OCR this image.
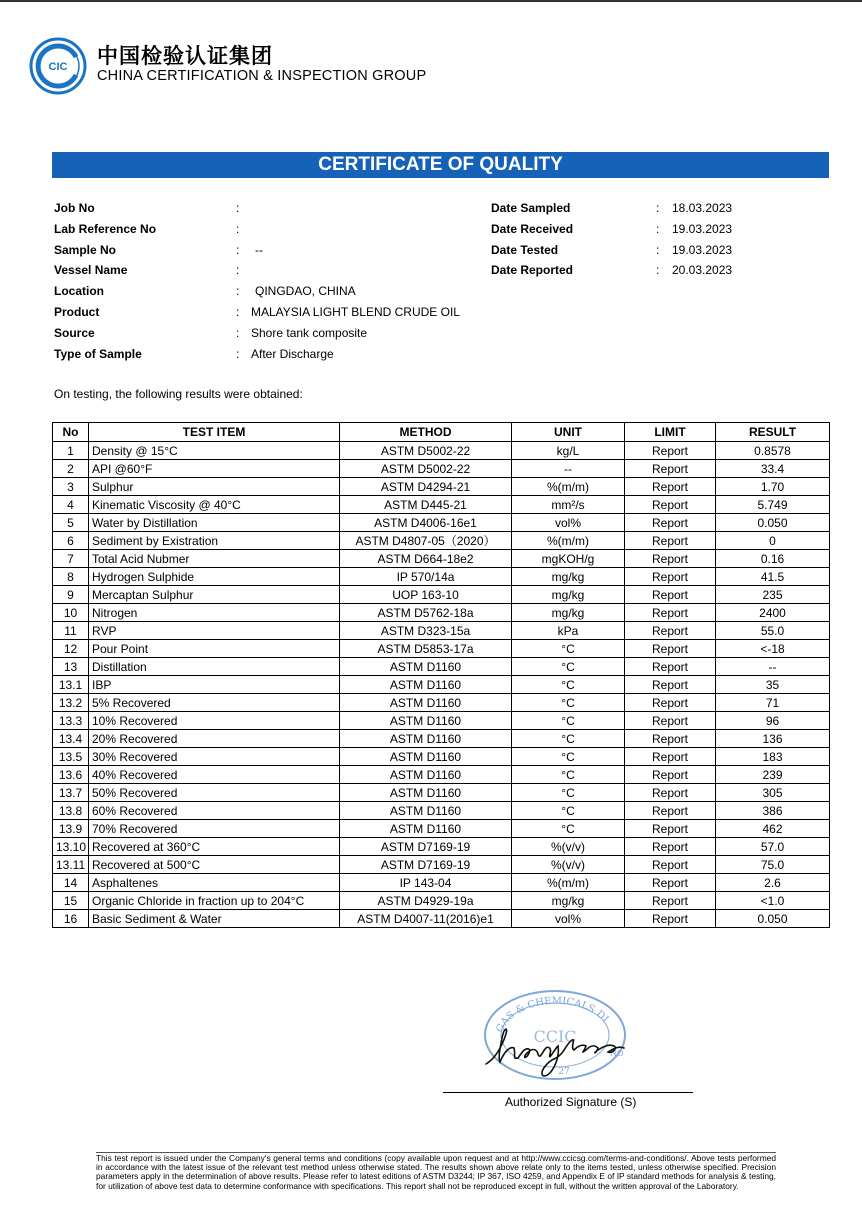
CIC 中国检验认证集团
CHINA CERTIFICATION & INSPECTION GROUP
CERTIFICATE OF QUALITY
Job No	:
Lab Reference No	:
Sample No	: --
Vessel Name	:
Location	: QINGDAO, CHINA
Product	: MALAYSIA LIGHT BLEND CRUDE OIL
Source	: Shore tank composite
Type of Sample	: After Discharge
Date Sampled	: 18.03.2023
Date Received	: 19.03.2023
Date Tested	: 19.03.2023
Date Reported	: 20.03.2023
On testing, the following results were obtained:
No	TEST ITEM	METHOD	UNIT	LIMIT	RESULT
1	Density @ 15°C	ASTM D5002-22	kg/L	Report	0.8578
2	API @60°F	ASTM D5002-22	--	Report	33.4
3	Sulphur	ASTM D4294-21	%(m/m)	Report	1.70
4	Kinematic Viscosity @ 40°C	ASTM D445-21	mm²/s	Report	5.749
5	Water by Distillation	ASTM D4006-16e1	vol%	Report	0.050
6	Sediment by Existration	ASTM D4807-05（2020）	%(m/m)	Report	0
7	Total Acid Nubmer	ASTM D664-18e2	mgKOH/g	Report	0.16
8	Hydrogen Sulphide	IP 570/14a	mg/kg	Report	41.5
9	Mercaptan Sulphur	UOP 163-10	mg/kg	Report	235
10	Nitrogen	ASTM D5762-18a	mg/kg	Report	2400
11	RVP	ASTM D323-15a	kPa	Report	55.0
12	Pour Point	ASTM D5853-17a	°C	Report	<-18
13	Distillation	ASTM D1160	°C	Report	--
13.1	IBP	ASTM D1160	°C	Report	35
13.2	5% Recovered	ASTM D1160	°C	Report	71
13.3	10% Recovered	ASTM D1160	°C	Report	96
13.4	20% Recovered	ASTM D1160	°C	Report	136
13.5	30% Recovered	ASTM D1160	°C	Report	183
13.6	40% Recovered	ASTM D1160	°C	Report	239
13.7	50% Recovered	ASTM D1160	°C	Report	305
13.8	60% Recovered	ASTM D1160	°C	Report	386
13.9	70% Recovered	ASTM D1160	°C	Report	462
13.10	Recovered at 360°C	ASTM D7169-19	%(v/v)	Report	57.0
13.11	Recovered at 500°C	ASTM D7169-19	%(v/v)	Report	75.0
14	Asphaltenes	IP 143-04	%(m/m)	Report	2.6
15	Organic Chloride in fraction up to 204°C	ASTM D4929-19a	mg/kg	Report	<1.0
16	Basic Sediment & Water	ASTM D4007-11(2016)e1	vol%	Report	0.050
GAS & CHEMICALS DI
CCIC
27
NO
Authorized Signature (S)
This test report is issued under the Company's general terms and conditions (copy available upon request and at http://www.ccicsg.com/terms-and-conditions/. Above tests performed in accordance with the latest issue of the relevant test method unless otherwise stated. The results shown above relate only to the items tested, unless otherwise specified. Precision parameters apply in the determination of above results. Please refer to latest editions of ASTM D3244; IP 367, ISO 4259, and Appendix E of IP standard methods for analysis & testing, for utilization of above test data to determine conformance with specifications. This report shall not be reproduced except in full, without the written approval of the Laboratory.
